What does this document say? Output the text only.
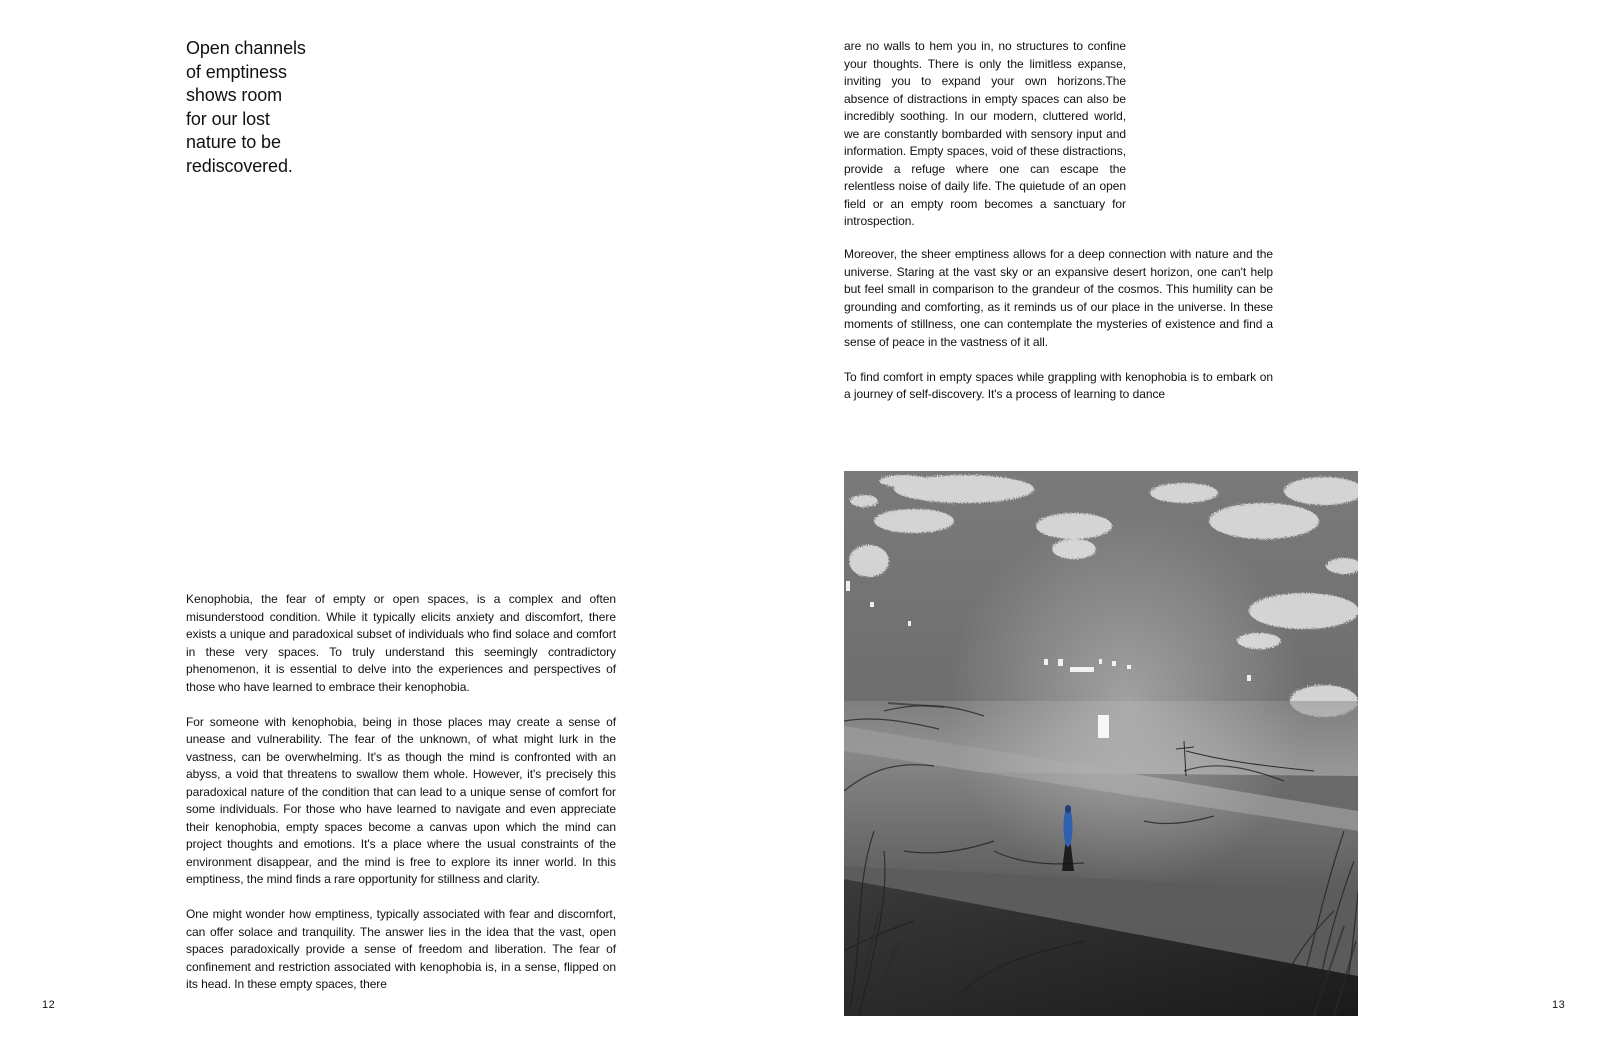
Open channels
of emptiness
shows room
for our lost
nature to be
rediscovered.

Kenophobia, the fear of empty or open spaces, is a complex and often misunderstood condition. While it typically elicits anxiety and discomfort, there exists a unique and paradoxical subset of individuals who find solace and comfort in these very spaces. To truly understand this seemingly contradictory phenomenon, it is essential to delve into the experiences and perspectives of those who have learned to embrace their kenophobia.

For someone with kenophobia, being in those places may create a sense of unease and vulnerability. The fear of the unknown, of what might lurk in the vastness, can be overwhelming. It's as though the mind is confronted with an abyss, a void that threatens to swallow them whole. However, it's precisely this paradoxical nature of the condition that can lead to a unique sense of comfort for some individuals. For those who have learned to navigate and even appreciate their kenophobia, empty spaces become a canvas upon which the mind can project thoughts and emotions. It's a place where the usual constraints of the environment disappear, and the mind is free to explore its inner world. In this emptiness, the mind finds a rare opportunity for stillness and clarity.

One might wonder how emptiness, typically associated with fear and discomfort, can offer solace and tranquility. The answer lies in the idea that the vast, open spaces paradoxically provide a sense of freedom and liberation. The fear of confinement and restriction associated with kenophobia is, in a sense, flipped on its head. In these empty spaces, there

12

are no walls to hem you in, no structures to confine your thoughts. There is only the limitless expanse, inviting you to expand your own horizons.The absence of distractions in empty spaces can also be incredibly soothing. In our modern, cluttered world, we are constantly bombarded with sensory input and information. Empty spaces, void of these distractions, provide a refuge where one can escape the relentless noise of daily life. The quietude of an open field or an empty room becomes a sanctuary for introspection.

Moreover, the sheer emptiness allows for a deep connection with nature and the universe. Staring at the vast sky or an expansive desert horizon, one can't help but feel small in comparison to the grandeur of the cosmos. This humility can be grounding and comforting, as it reminds us of our place in the universe. In these moments of stillness, one can contemplate the mysteries of existence and find a sense of peace in the vastness of it all.

To find comfort in empty spaces while grappling with kenophobia is to embark on a journey of self-discovery. It's a process of learning to dance

13
